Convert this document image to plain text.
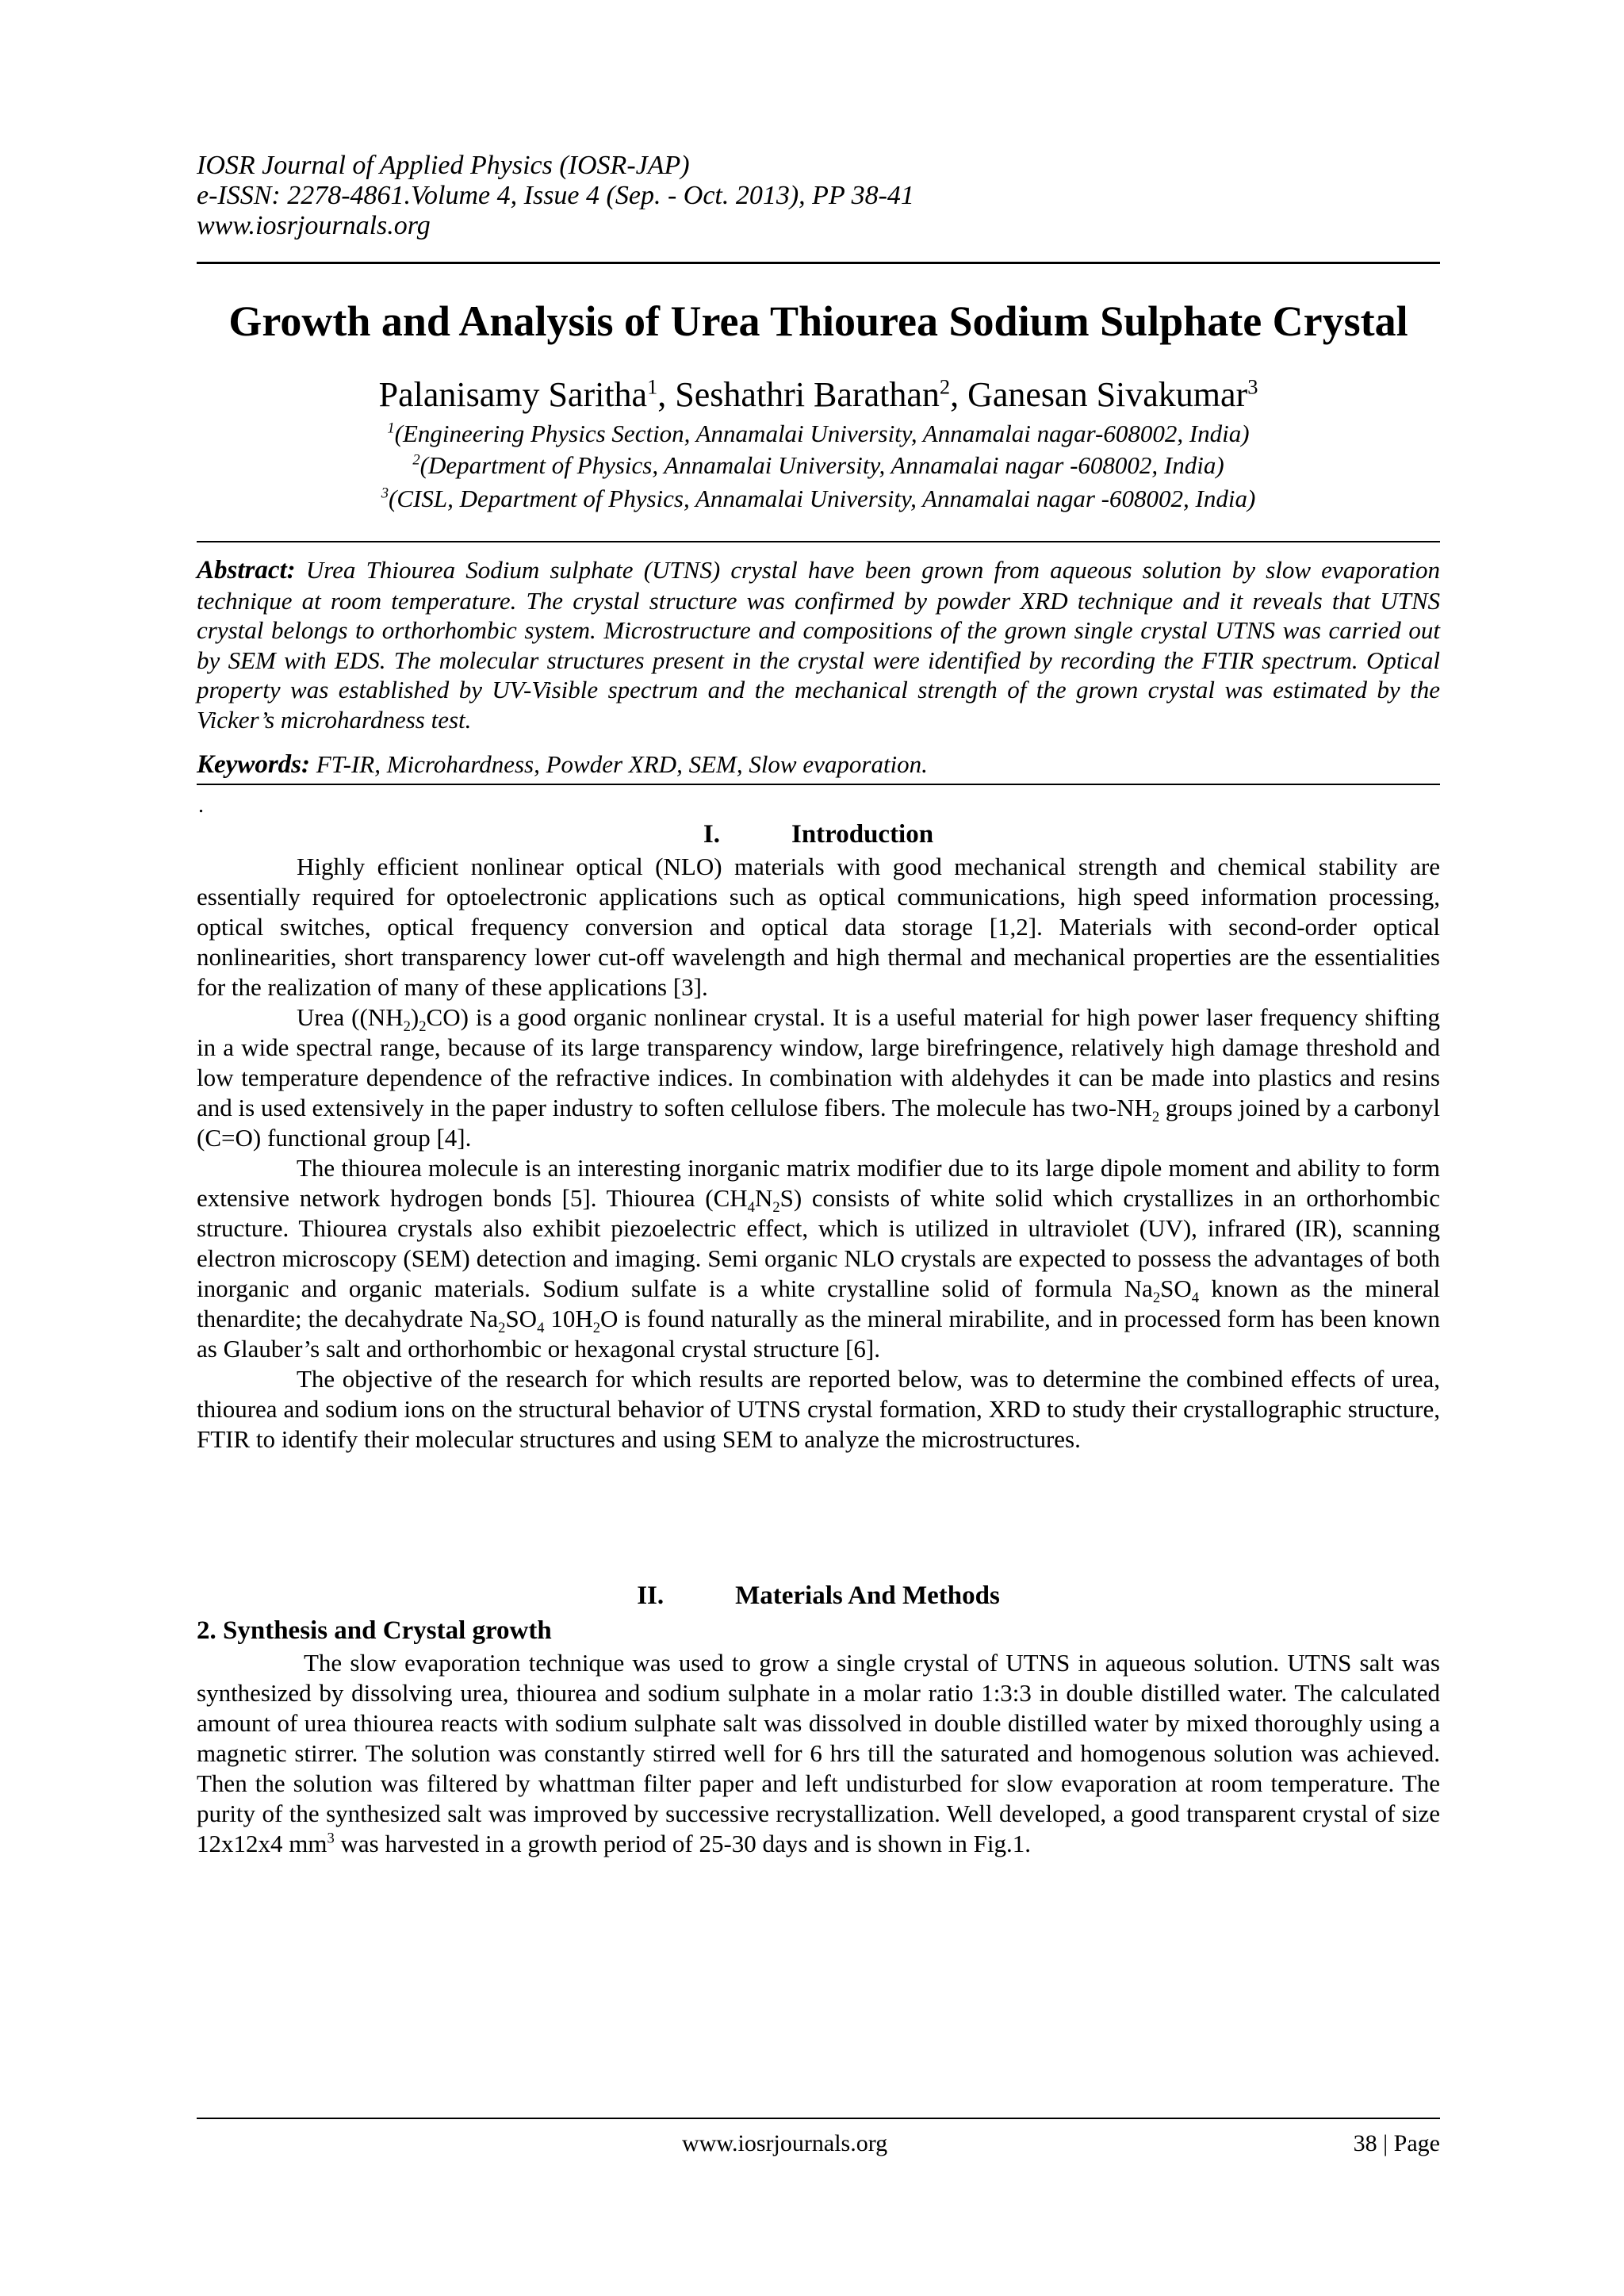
IOSR Journal of Applied Physics (IOSR-JAP)
e-ISSN: 2278-4861.Volume 4, Issue 4 (Sep. - Oct. 2013), PP 38-41
www.iosrjournals.org
Growth and Analysis of Urea Thiourea Sodium Sulphate Crystal
Palanisamy Saritha$^1$, Seshathri Barathan$^2$, Ganesan Sivakumar$^3$
$^1$(Engineering Physics Section, Annamalai University, Annamalai nagar-608002, India)
$^2$(Department of Physics, Annamalai University, Annamalai nagar -608002, India)
$^3$(CISL, Department of Physics, Annamalai University, Annamalai nagar -608002, India)
Abstract: Urea Thiourea Sodium sulphate (UTNS) crystal have been grown from aqueous solution by slow evaporation technique at room temperature. The crystal structure was confirmed by powder XRD technique and it reveals that UTNS crystal belongs to orthorhombic system. Microstructure and compositions of the grown single crystal UTNS was carried out by SEM with EDS. The molecular structures present in the crystal were identified by recording the FTIR spectrum. Optical property was established by UV-Visible spectrum and the mechanical strength of the grown crystal was estimated by the Vicker’s microhardness test.
Keywords: FT-IR, Microhardness, Powder XRD, SEM, Slow evaporation.
.
I.	Introduction

Highly efficient nonlinear optical (NLO) materials with good mechanical strength and chemical stability are essentially required for optoelectronic applications such as optical communications, high speed information processing, optical switches, optical frequency conversion and optical data storage [1,2]. Materials with second-order optical nonlinearities, short transparency lower cut-off wavelength and high thermal and mechanical properties are the essentialities for the realization of many of these applications [3].

Urea $((NH_2)_2CO)$ is a good organic nonlinear crystal. It is a useful material for high power laser frequency shifting in a wide spectral range, because of its large transparency window, large birefringence, relatively high damage threshold and low temperature dependence of the refractive indices. In combination with aldehydes it can be made into plastics and resins and is used extensively in the paper industry to soften cellulose fibers. The molecule has two-$NH_2$ groups joined by a carbonyl (C=O) functional group [4].

The thiourea molecule is an interesting inorganic matrix modifier due to its large dipole moment and ability to form extensive network hydrogen bonds [5]. Thiourea $(CH_4N_2S)$ consists of white solid which crystallizes in an orthorhombic structure. Thiourea crystals also exhibit piezoelectric effect, which is utilized in ultraviolet (UV), infrared (IR), scanning electron microscopy (SEM) detection and imaging. Semi organic NLO crystals are expected to possess the advantages of both inorganic and organic materials. Sodium sulfate is a white crystalline solid of formula $Na_2SO_4$ known as the mineral thenardite; the decahydrate $Na_2SO_4$ $10H_2O$ is found naturally as the mineral mirabilite, and in processed form has been known as Glauber’s salt and orthorhombic or hexagonal crystal structure [6].

The objective of the research for which results are reported below, was to determine the combined effects of urea, thiourea and sodium ions on the structural behavior of UTNS crystal formation, XRD to study their crystallographic structure, FTIR to identify their molecular structures and using SEM to analyze the microstructures.

II.	Materials And Methods
2. Synthesis and Crystal growth

The slow evaporation technique was used to grow a single crystal of UTNS in aqueous solution. UTNS salt was synthesized by dissolving urea, thiourea and sodium sulphate in a molar ratio 1:3:3 in double distilled water. The calculated amount of urea thiourea reacts with sodium sulphate salt was dissolved in double distilled water by mixed thoroughly using a magnetic stirrer. The solution was constantly stirred well for 6 hrs till the saturated and homogenous solution was achieved. Then the solution was filtered by whattman filter paper and left undisturbed for slow evaporation at room temperature. The purity of the synthesized salt was improved by successive recrystallization. Well developed, a good transparent crystal of size 12x12x4 $mm^3$ was harvested in a growth period of 25-30 days and is shown in Fig.1.

www.iosrjournals.org	38 | Page
